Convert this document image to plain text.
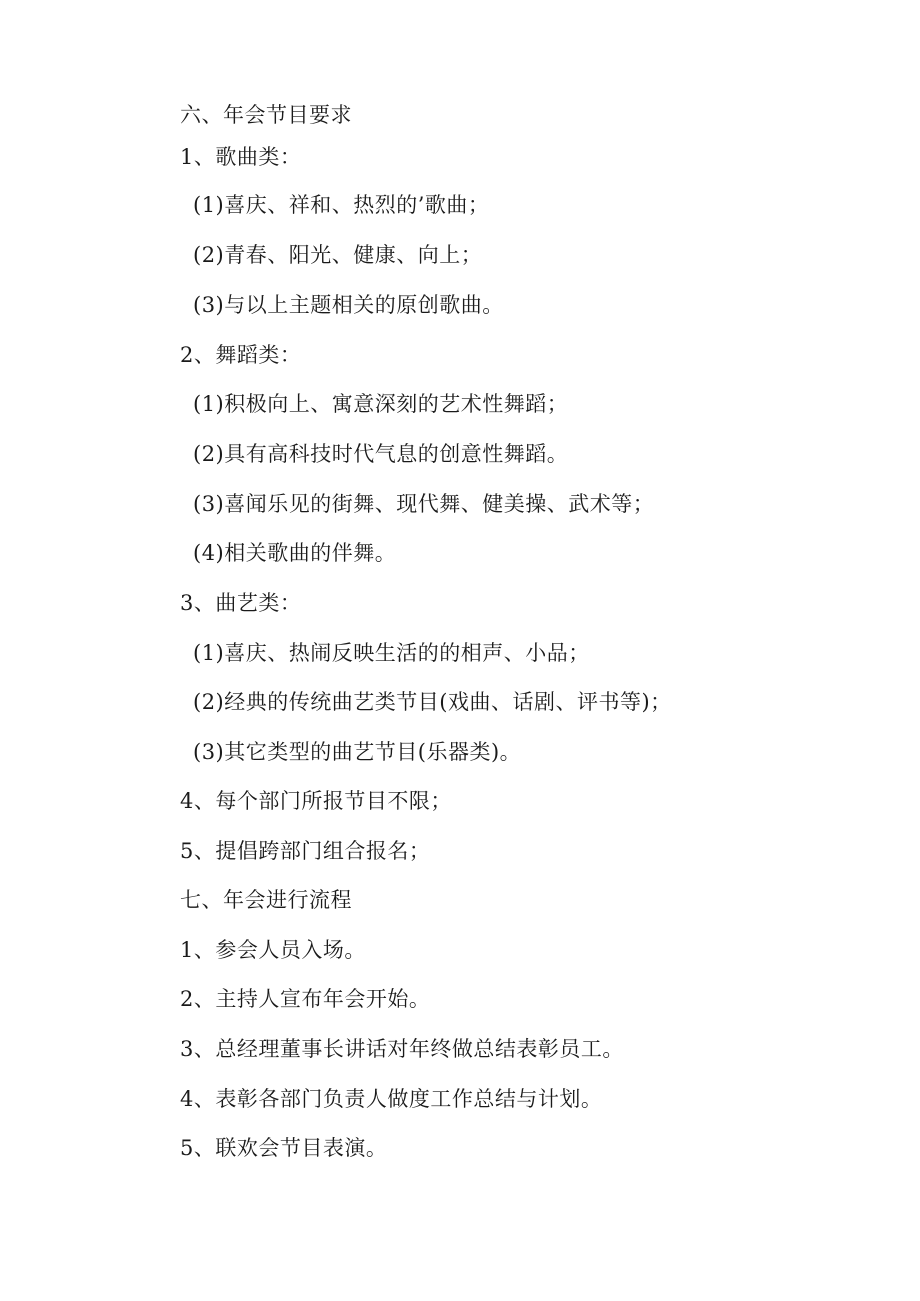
六、年会节目要求
1、歌曲类：
(1)喜庆、祥和、热烈的’歌曲；
(2)青春、阳光、健康、向上；
(3)与以上主题相关的原创歌曲。
2、舞蹈类：
(1)积极向上、寓意深刻的艺术性舞蹈；
(2)具有高科技时代气息的创意性舞蹈。
(3)喜闻乐见的街舞、现代舞、健美操、武术等；
(4)相关歌曲的伴舞。
3、曲艺类：
(1)喜庆、热闹反映生活的的相声、小品；
(2)经典的传统曲艺类节目(戏曲、话剧、评书等)；
(3)其它类型的曲艺节目(乐器类)。
4、每个部门所报节目不限；
5、提倡跨部门组合报名；
七、年会进行流程
1、参会人员入场。
2、主持人宣布年会开始。
3、总经理董事长讲话对年终做总结表彰员工。
4、表彰各部门负责人做度工作总结与计划。
5、联欢会节目表演。
